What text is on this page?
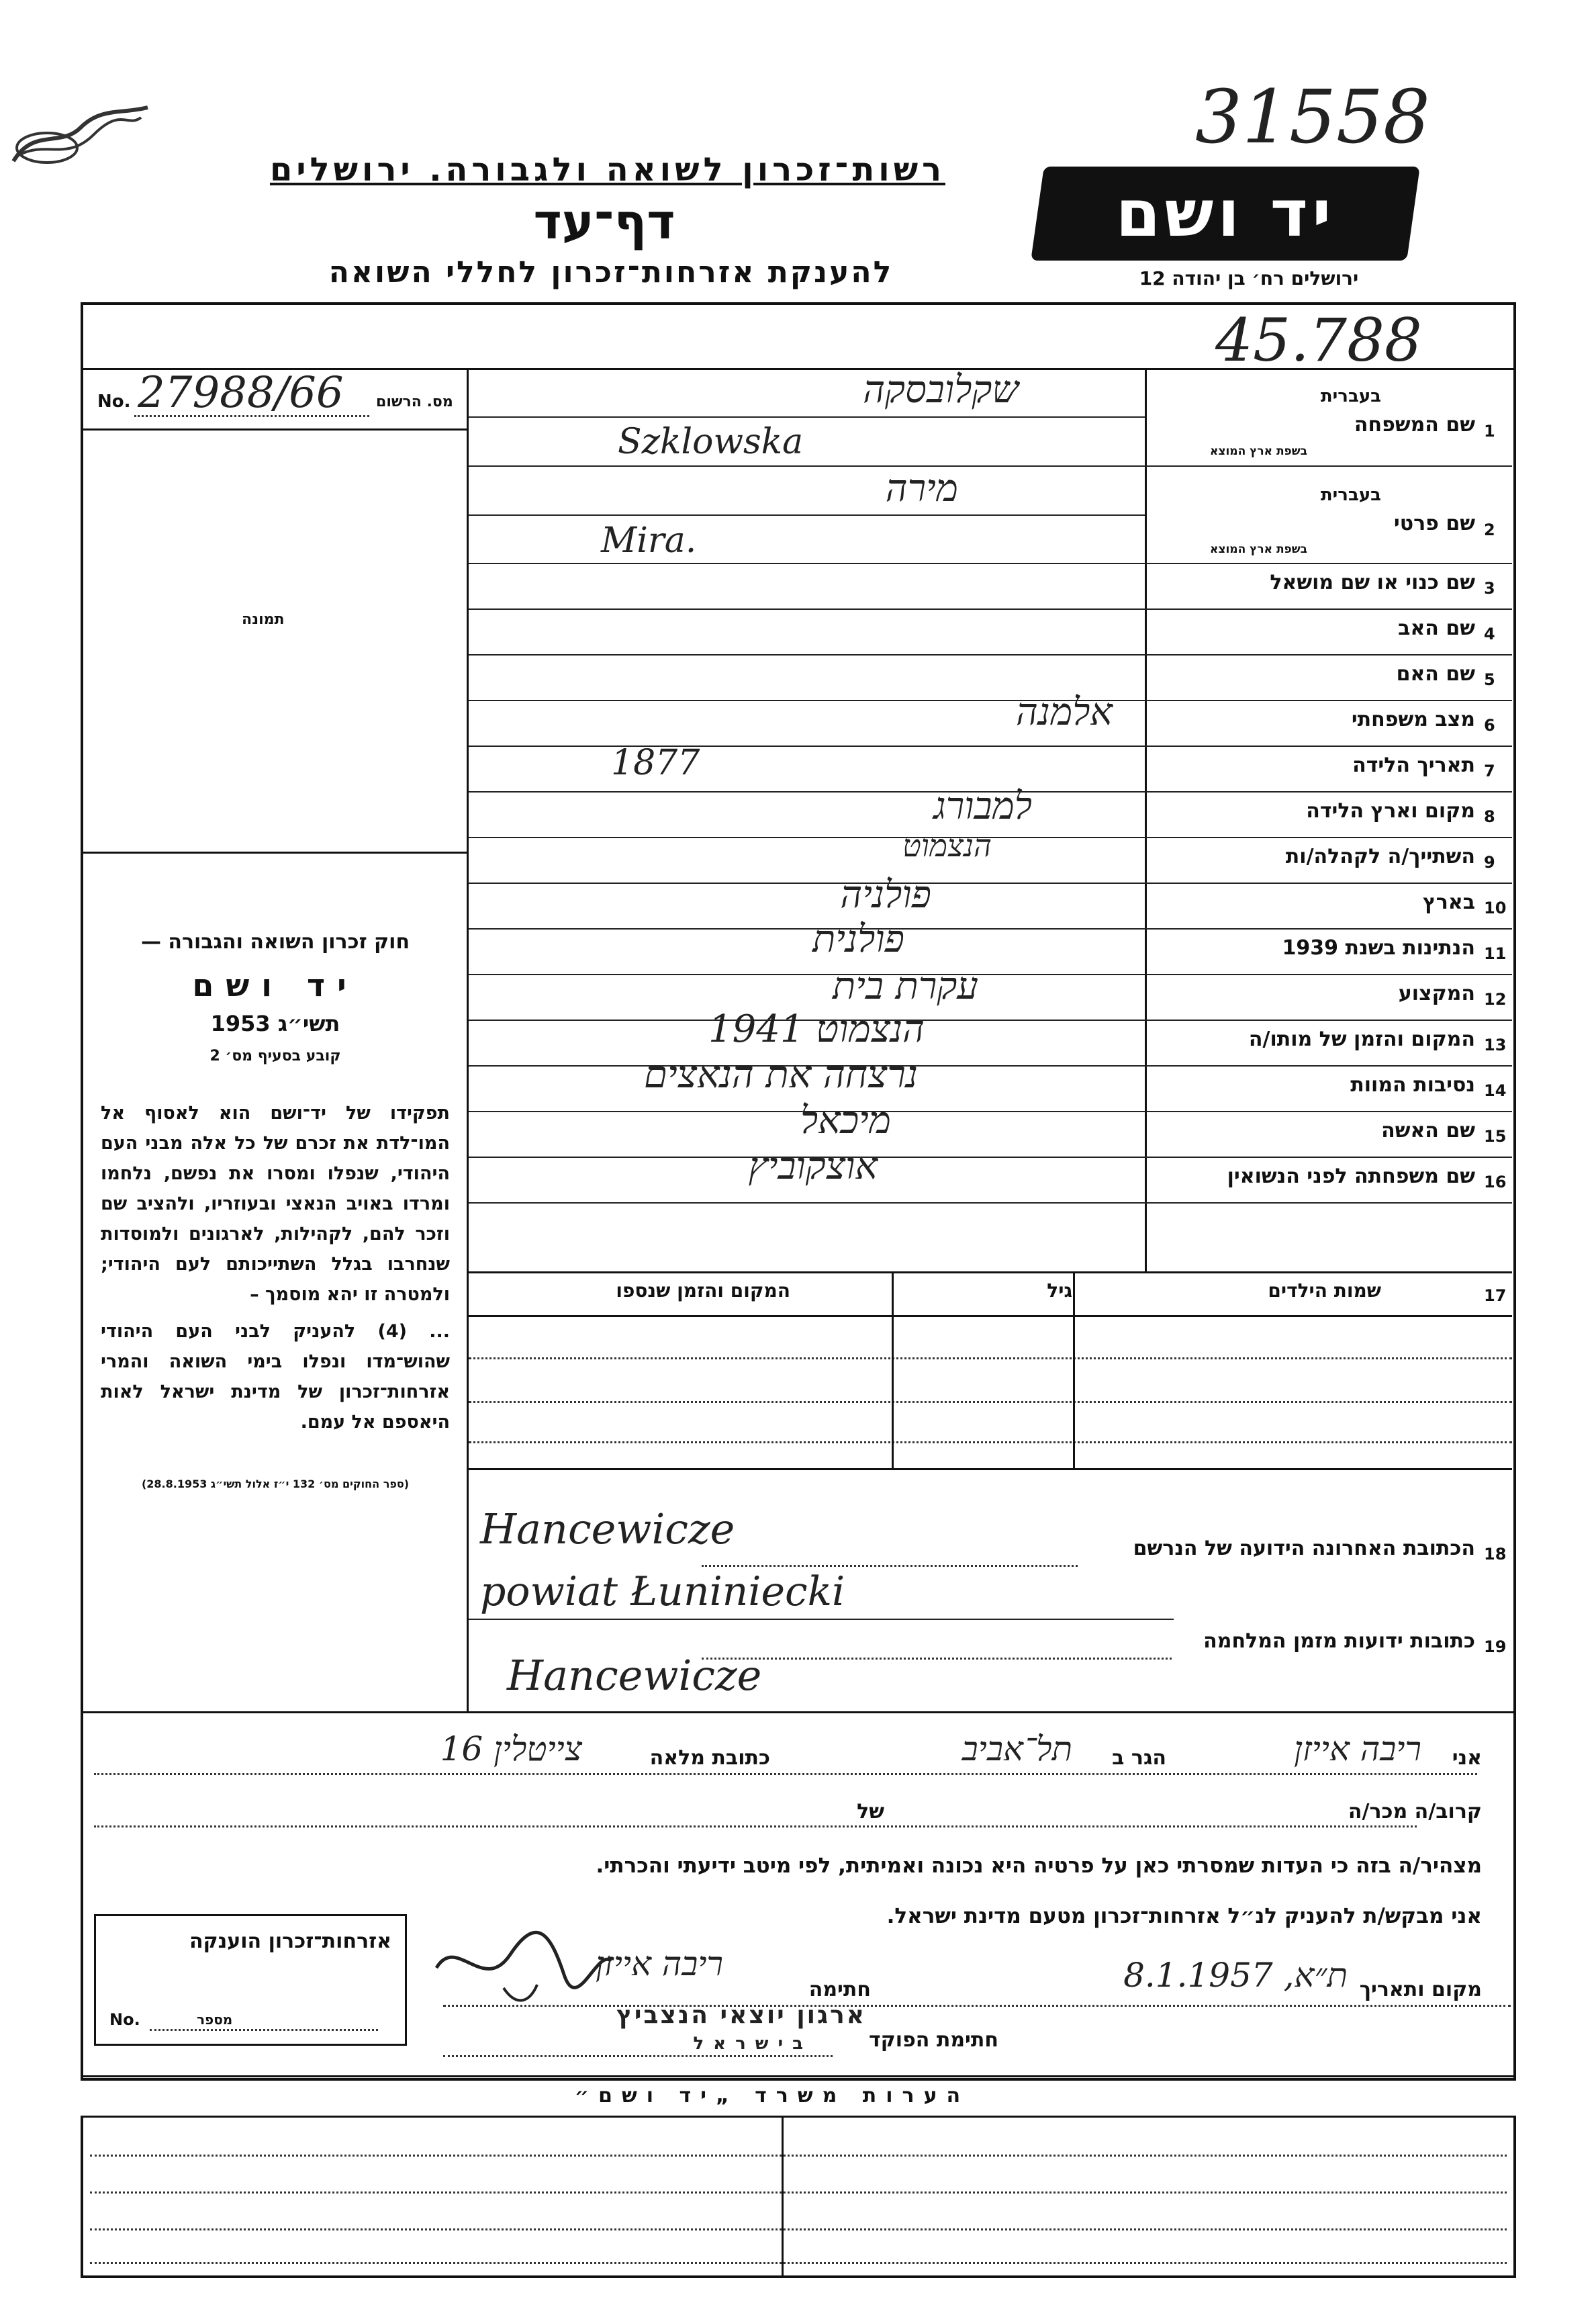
31558
רשות־זכרון לשואה ולגבורה. ירושלים
דף־עד
להענקת אזרחות־זכרון לחללי השואה
יד ושם
ירושלים רח׳ בן יהודה 12
45.788
No. 27988/66 מס. הרשום
תמונה
חוק זכרון השואה והגבורה —
יד ושם
תשי״ג 1953
קובע בסעיף מס׳ 2
תפקידו של יד־ושם הוא לאסוף אל המו־לדת את זכרם של כל אלה מבני העם היהודי, שנפלו ומסרו את נפשם, נלחמו ומרדו באויב הנאצי ובעוזריו, ולהציב שם וזכר להם, לקהילות, לארגונים ולמוסדות שנחרבו בגלל השתייכותם לעם היהודי; ולמטרה זו יהא מוסמך –
... (4) להעניק לבני העם היהודי שהוש־מדו ונפלו בימי השואה והמרי אזרחות־זכרון של מדינת ישראל לאות היאספם אל עמם.
(ספר החוקים מס׳ 132 י״ז אלול תשי״ג 28.8.1953)
1
שם המשפחה
בעברית
בשפת ארץ המוצא
שקלובסקה
Szklowska
2
שם פרטי
בעברית
בשפת ארץ המוצא
מירה
Mira.
3
שם כנוי או שם מושאל
4
שם האב
5
שם האם
6
מצב משפחתי
אלמנה
7
תאריך הלידה
1877
8
מקום וארץ הלידה
למבורג
9
השתייך/ה לקהלה/ות
הנצמוט
10
בארץ
פולניה
11
הנתינות בשנת 1939
פולנית
12
המקצוע
עקרת בית
13
המקום והזמן של מותו/ה
הנצמוט 1941
14
נסיבות המוות
נרצחה את הנאצים
15
שם האשה
מיכאל
16
שם משפחתה לפני הנשואין
אוצקוביץ
17
שמות הילדים
גיל
המקום והזמן שנספו
18
הכתובת האחרונה הידועה של הנרשם
Hancewicze
powiat Łuniniecki
19
כתובות ידועות מזמן המלחמה
Hancewicze
אני
ריבה אייזן
הגר ב
תל־אביב
כתובת מלאה
צייטלין 16
קרוב/ה מכר/ה
של
מצהיר/ה בזה כי העדות שמסרתי כאן על פרטיה היא נכונה ואמיתית, לפי מיטב ידיעתי והכרתי.
אני מבקש/ת להעניק לנ״ל אזרחות־זכרון מטעם מדינת ישראל.
מקום ותאריך
ת״א, 8.1.1957
חתימה
ריבה אייזן
חתימת הפוקד
ארגון יוצאי הנצביץ
בישראל
אזרחות־זכרון הוענקה
No.	מספר
הערות משרד „יד ושם״
